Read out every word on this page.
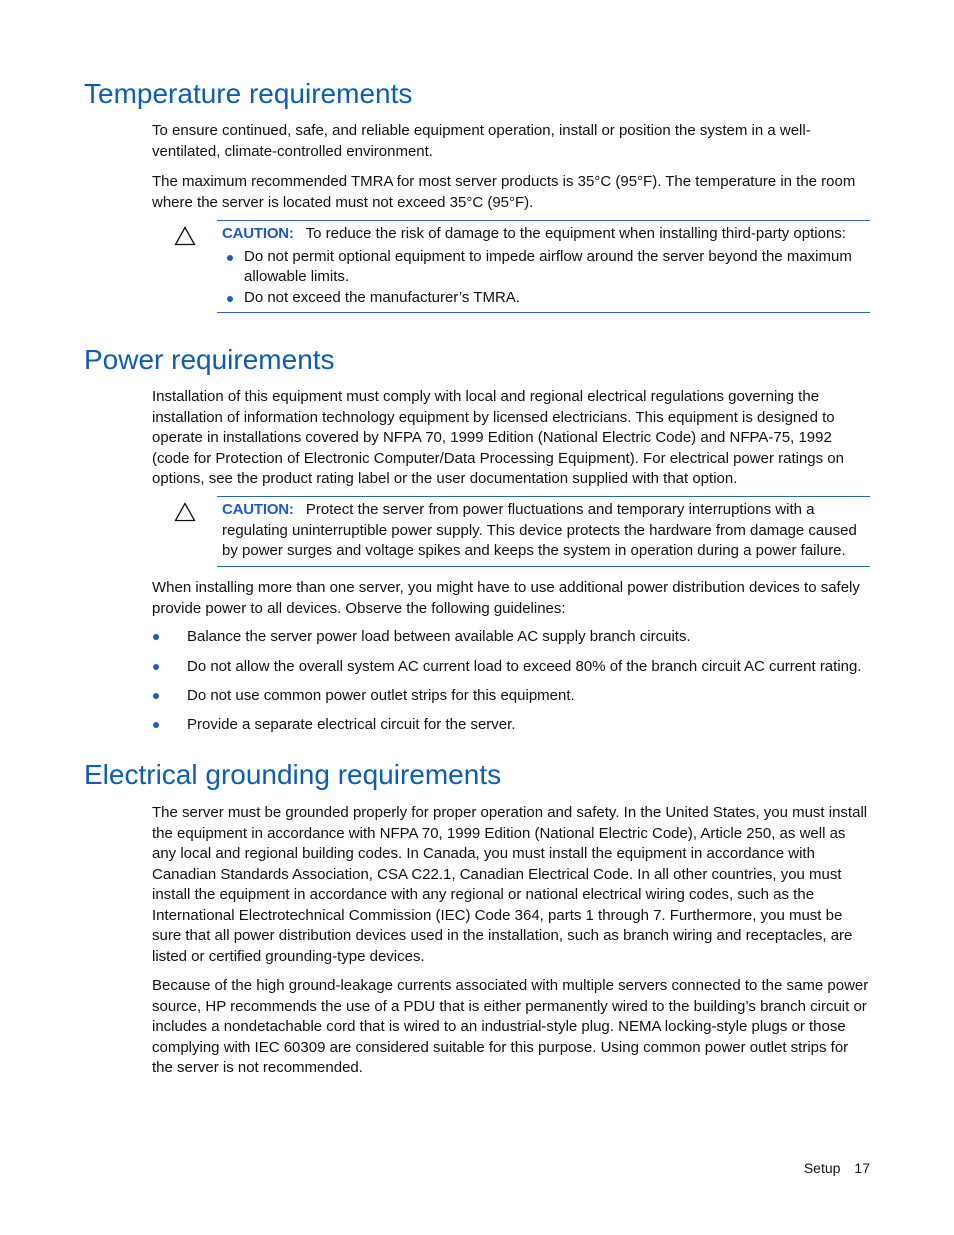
Temperature requirements

To ensure continued, safe, and reliable equipment operation, install or position the system in a well-ventilated, climate-controlled environment.

The maximum recommended TMRA for most server products is 35°C (95°F). The temperature in the room where the server is located must not exceed 35°C (95°F).

CAUTION: To reduce the risk of damage to the equipment when installing third-party options:
Do not permit optional equipment to impede airflow around the server beyond the maximum allowable limits.
Do not exceed the manufacturer’s TMRA.
Power requirements

Installation of this equipment must comply with local and regional electrical regulations governing the installation of information technology equipment by licensed electricians. This equipment is designed to operate in installations covered by NFPA 70, 1999 Edition (National Electric Code) and NFPA-75, 1992 (code for Protection of Electronic Computer/Data Processing Equipment). For electrical power ratings on options, see the product rating label or the user documentation supplied with that option.

CAUTION: Protect the server from power fluctuations and temporary interruptions with a regulating uninterruptible power supply. This device protects the hardware from damage caused by power surges and voltage spikes and keeps the system in operation during a power failure.

When installing more than one server, you might have to use additional power distribution devices to safely provide power to all devices. Observe the following guidelines:

Balance the server power load between available AC supply branch circuits.
Do not allow the overall system AC current load to exceed 80% of the branch circuit AC current rating.
Do not use common power outlet strips for this equipment.
Provide a separate electrical circuit for the server.
Electrical grounding requirements

The server must be grounded properly for proper operation and safety. In the United States, you must install the equipment in accordance with NFPA 70, 1999 Edition (National Electric Code), Article 250, as well as any local and regional building codes. In Canada, you must install the equipment in accordance with Canadian Standards Association, CSA C22.1, Canadian Electrical Code. In all other countries, you must install the equipment in accordance with any regional or national electrical wiring codes, such as the International Electrotechnical Commission (IEC) Code 364, parts 1 through 7. Furthermore, you must be sure that all power distribution devices used in the installation, such as branch wiring and receptacles, are listed or certified grounding-type devices.

Because of the high ground-leakage currents associated with multiple servers connected to the same power source, HP recommends the use of a PDU that is either permanently wired to the building’s branch circuit or includes a nondetachable cord that is wired to an industrial-style plug. NEMA locking-style plugs or those complying with IEC 60309 are considered suitable for this purpose. Using common power outlet strips for the server is not recommended.

Setup 17
